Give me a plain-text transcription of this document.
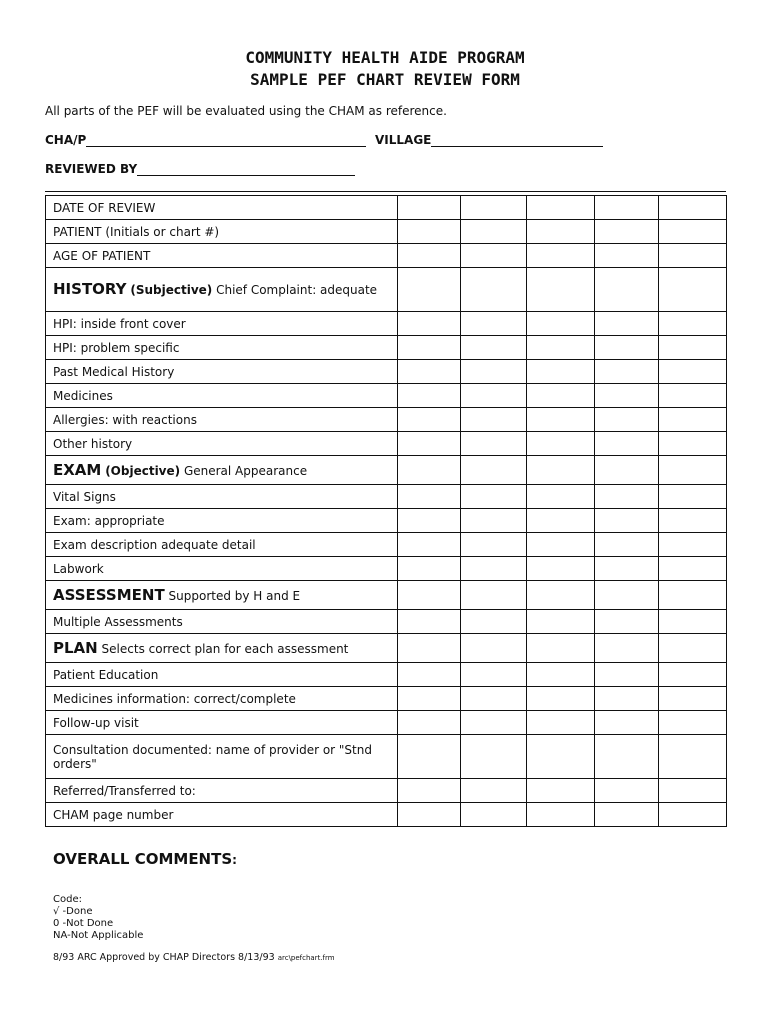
COMMUNITY HEALTH AIDE PROGRAM
SAMPLE PEF CHART REVIEW FORM
All parts of the PEF will be evaluated using the CHAM as reference.
CHA/P	VILLAGE
REVIEWED BY
DATE OF REVIEW					
PATIENT (Initials or chart #)					
AGE OF PATIENT					
HISTORY (Subjective) Chief Complaint: adequate					
HPI: inside front cover					
HPI: problem specific					
Past Medical History					
Medicines					
Allergies: with reactions					
Other history					
EXAM (Objective) General Appearance					
Vital Signs					
Exam: appropriate					
Exam description adequate detail					
Labwork					
ASSESSMENT Supported by H and E					
Multiple Assessments					
PLAN Selects correct plan for each assessment					
Patient Education					
Medicines information: correct/complete					
Follow-up visit					
Consultation documented: name of provider or "Stnd orders"					
Referred/Transferred to:					
CHAM page number					
OVERALL COMMENTS:
Code:
√ -Done
0 -Not Done
NA-Not Applicable
8/93 ARC Approved by CHAP Directors 8/13/93 arc\pefchart.frm
